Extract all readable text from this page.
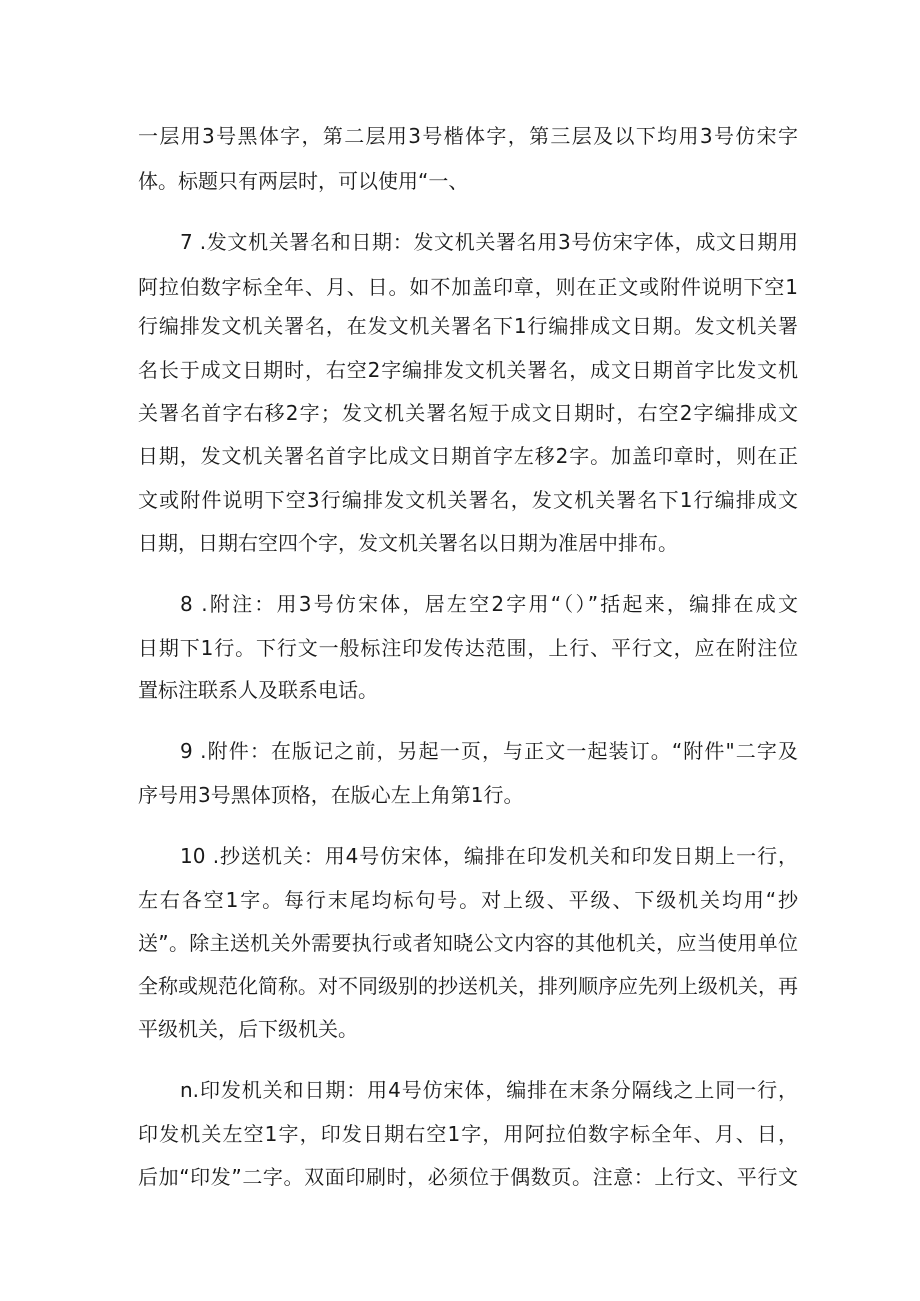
一层用3号黑体字，第二层用3号楷体字，第三层及以下均用3号仿宋字

体。标题只有两层时，可以使用“一、

7 .发文机关署名和日期：发文机关署名用3号仿宋字体，成文日期用

阿拉伯数字标全年、月、日。如不加盖印章，则在正文或附件说明下空1

行编排发文机关署名，在发文机关署名下1行编排成文日期。发文机关署

名长于成文日期时，右空2字编排发文机关署名，成文日期首字比发文机

关署名首字右移2字；发文机关署名短于成文日期时，右空2字编排成文

日期，发文机关署名首字比成文日期首字左移2字。加盖印章时，则在正

文或附件说明下空3行编排发文机关署名，发文机关署名下1行编排成文

日期，日期右空四个字，发文机关署名以日期为准居中排布。

8 .附注：用3号仿宋体，居左空2字用“（）”括起来，编排在成文

日期下1行。下行文一般标注印发传达范围，上行、平行文，应在附注位

置标注联系人及联系电话。

9 .附件：在版记之前，另起一页，与正文一起装订。“附件"二字及

序号用3号黑体顶格，在版心左上角第1行。

10 .抄送机关：用4号仿宋体，编排在印发机关和印发日期上一行，

左右各空1字。每行末尾均标句号。对上级、平级、下级机关均用“抄

送”。除主送机关外需要执行或者知晓公文内容的其他机关，应当使用单位

全称或规范化简称。对不同级别的抄送机关，排列顺序应先列上级机关，再

平级机关，后下级机关。

n.印发机关和日期：用4号仿宋体，编排在末条分隔线之上同一行，

印发机关左空1字，印发日期右空1字，用阿拉伯数字标全年、月、日，

后加“印发”二字。双面印刷时，必须位于偶数页。注意：上行文、平行文
